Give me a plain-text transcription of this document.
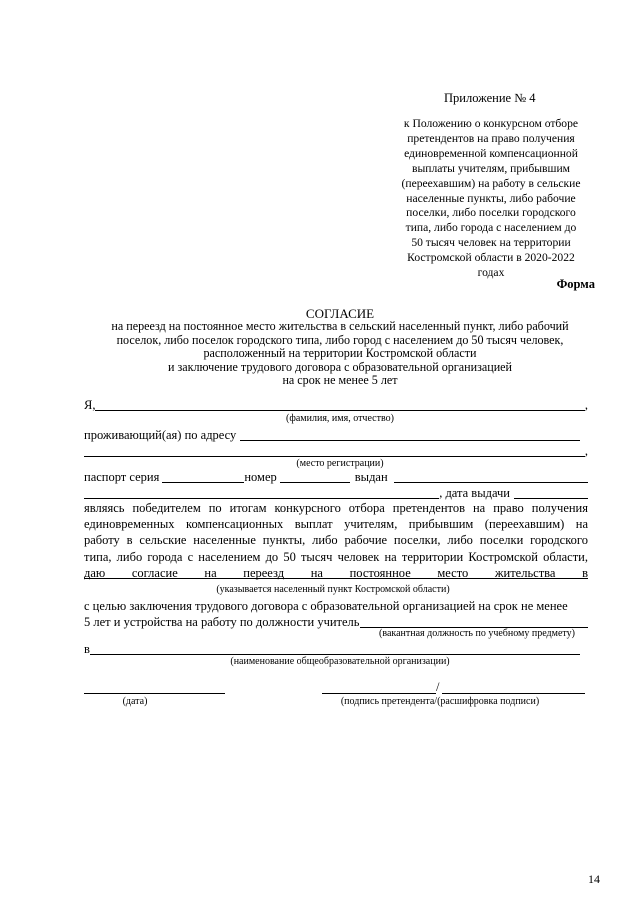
Приложение № 4
к Положению о конкурсном отборе
претендентов на право получения
единовременной компенсационной
выплаты учителям, прибывшим
(переехавшим) на работу в сельские
населенные пункты, либо рабочие
поселки, либо поселки городского
типа, либо города с населением до
50 тысяч человек на территории
Костромской области в 2020-2022
годах
Форма
СОГЛАСИЕ
на переезд на постоянное место жительства в сельский населенный пункт, либо рабочий
поселок, либо поселок городского типа, либо город с населением до 50 тысяч человек,
расположенный на территории Костромской области
и заключение трудового договора с образовательной организацией
на срок не менее 5 лет
Я,	,
(фамилия, имя, отчество)
проживающий(ая) по адресу
,
(место регистрации)
паспорт серия	номер	выдан
, дата выдачи
являясь победителем по итогам конкурсного отбора претендентов на право получения
единовременных компенсационных выплат учителям, прибывшим (переехавшим) на
работу в сельские населенные пункты, либо рабочие поселки, либо поселки городского
типа, либо города с населением до 50 тысяч человек на территории Костромской области,
даю согласие на переезд на постоянное место жительства в
(указывается населенный пункт Костромской области)
с целью заключения трудового договора с образовательной организацией на срок не менее
5 лет и устройства на работу по должности учитель
(вакантная должность по учебному предмету)
в
(наименование общеобразовательной организации)
(дата)
/
(подпись претендента/(расшифровка подписи)
14
